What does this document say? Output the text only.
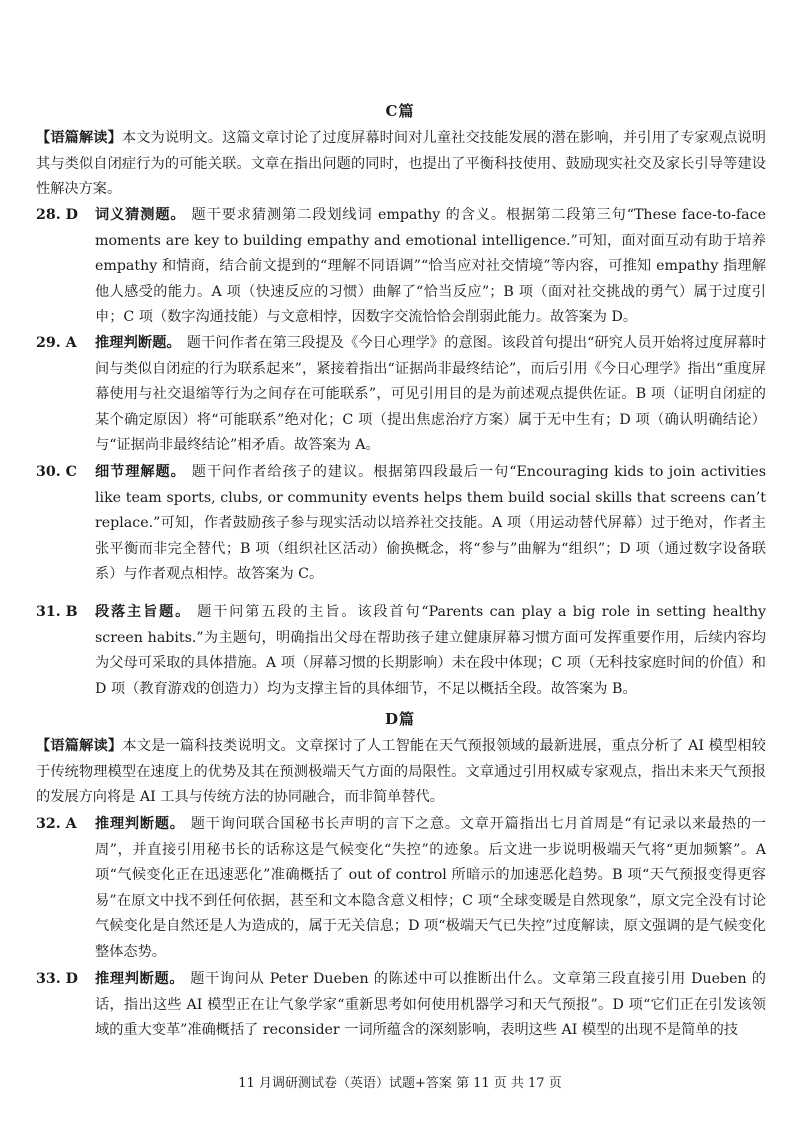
C篇
【语篇解读】本文为说明文。这篇文章讨论了过度屏幕时间对儿童社交技能发展的潜在影响，并引用了专家观点说明其与类似自闭症行为的可能关联。文章在指出问题的同时，也提出了平衡科技使用、鼓励现实社交及家长引导等建设性解决方案。
28. D	词义猜测题。 题干要求猜测第二段划线词 empathy 的含义。根据第二段第三句“These face-to-face moments are key to building empathy and emotional intelligence.”可知，面对面互动有助于培养 empathy 和情商，结合前文提到的“理解不同语调”“恰当应对社交情境”等内容，可推知 empathy 指理解他人感受的能力。A 项（快速反应的习惯）曲解了“恰当反应”；B 项（面对社交挑战的勇气）属于过度引申；C 项（数字沟通技能）与文意相悖，因数字交流恰恰会削弱此能力。故答案为 D。
29. A	推理判断题。 题干问作者在第三段提及《今日心理学》的意图。该段首句提出“研究人员开始将过度屏幕时间与类似自闭症的行为联系起来”，紧接着指出“证据尚非最终结论”，而后引用《今日心理学》指出“重度屏幕使用与社交退缩等行为之间存在可能联系”，可见引用目的是为前述观点提供佐证。B 项（证明自闭症的某个确定原因）将“可能联系”绝对化；C 项（提出焦虑治疗方案）属于无中生有；D 项（确认明确结论）与“证据尚非最终结论”相矛盾。故答案为 A。
30. C	细节理解题。 题干问作者给孩子的建议。根据第四段最后一句“Encouraging kids to join activities like team sports, clubs, or community events helps them build social skills that screens can’t replace.”可知，作者鼓励孩子参与现实活动以培养社交技能。A 项（用运动替代屏幕）过于绝对，作者主张平衡而非完全替代；B 项（组织社区活动）偷换概念，将“参与”曲解为“组织”；D 项（通过数字设备联系）与作者观点相悖。故答案为 C。
31. B	段落主旨题。 题干问第五段的主旨。该段首句“Parents can play a big role in setting healthy screen habits.”为主题句，明确指出父母在帮助孩子建立健康屏幕习惯方面可发挥重要作用，后续内容均为父母可采取的具体措施。A 项（屏幕习惯的长期影响）未在段中体现；C 项（无科技家庭时间的价值）和 D 项（教育游戏的创造力）均为支撑主旨的具体细节，不足以概括全段。故答案为 B。
D篇
【语篇解读】本文是一篇科技类说明文。文章探讨了人工智能在天气预报领域的最新进展，重点分析了 AI 模型相较于传统物理模型在速度上的优势及其在预测极端天气方面的局限性。文章通过引用权威专家观点，指出未来天气预报的发展方向将是 AI 工具与传统方法的协同融合，而非简单替代。
32. A	推理判断题。 题干询问联合国秘书长声明的言下之意。文章开篇指出七月首周是“有记录以来最热的一周”，并直接引用秘书长的话称这是气候变化“失控”的迹象。后文进一步说明极端天气将“更加频繁”。A 项“气候变化正在迅速恶化”准确概括了 out of control 所暗示的加速恶化趋势。B 项“天气预报变得更容易”在原文中找不到任何依据，甚至和文本隐含意义相悖；C 项“全球变暖是自然现象”，原文完全没有讨论气候变化是自然还是人为造成的，属于无关信息；D 项“极端天气已失控”过度解读，原文强调的是气候变化整体态势。
33. D	推理判断题。 题干询问从 Peter Dueben 的陈述中可以推断出什么。文章第三段直接引用 Dueben 的话，指出这些 AI 模型正在让气象学家“重新思考如何使用机器学习和天气预报”。D 项“它们正在引发该领域的重大变革”准确概括了 reconsider 一词所蕴含的深刻影响，表明这些 AI 模型的出现不是简单的技
11 月调研测试卷（英语）试题+答案 第 11 页 共 17 页
